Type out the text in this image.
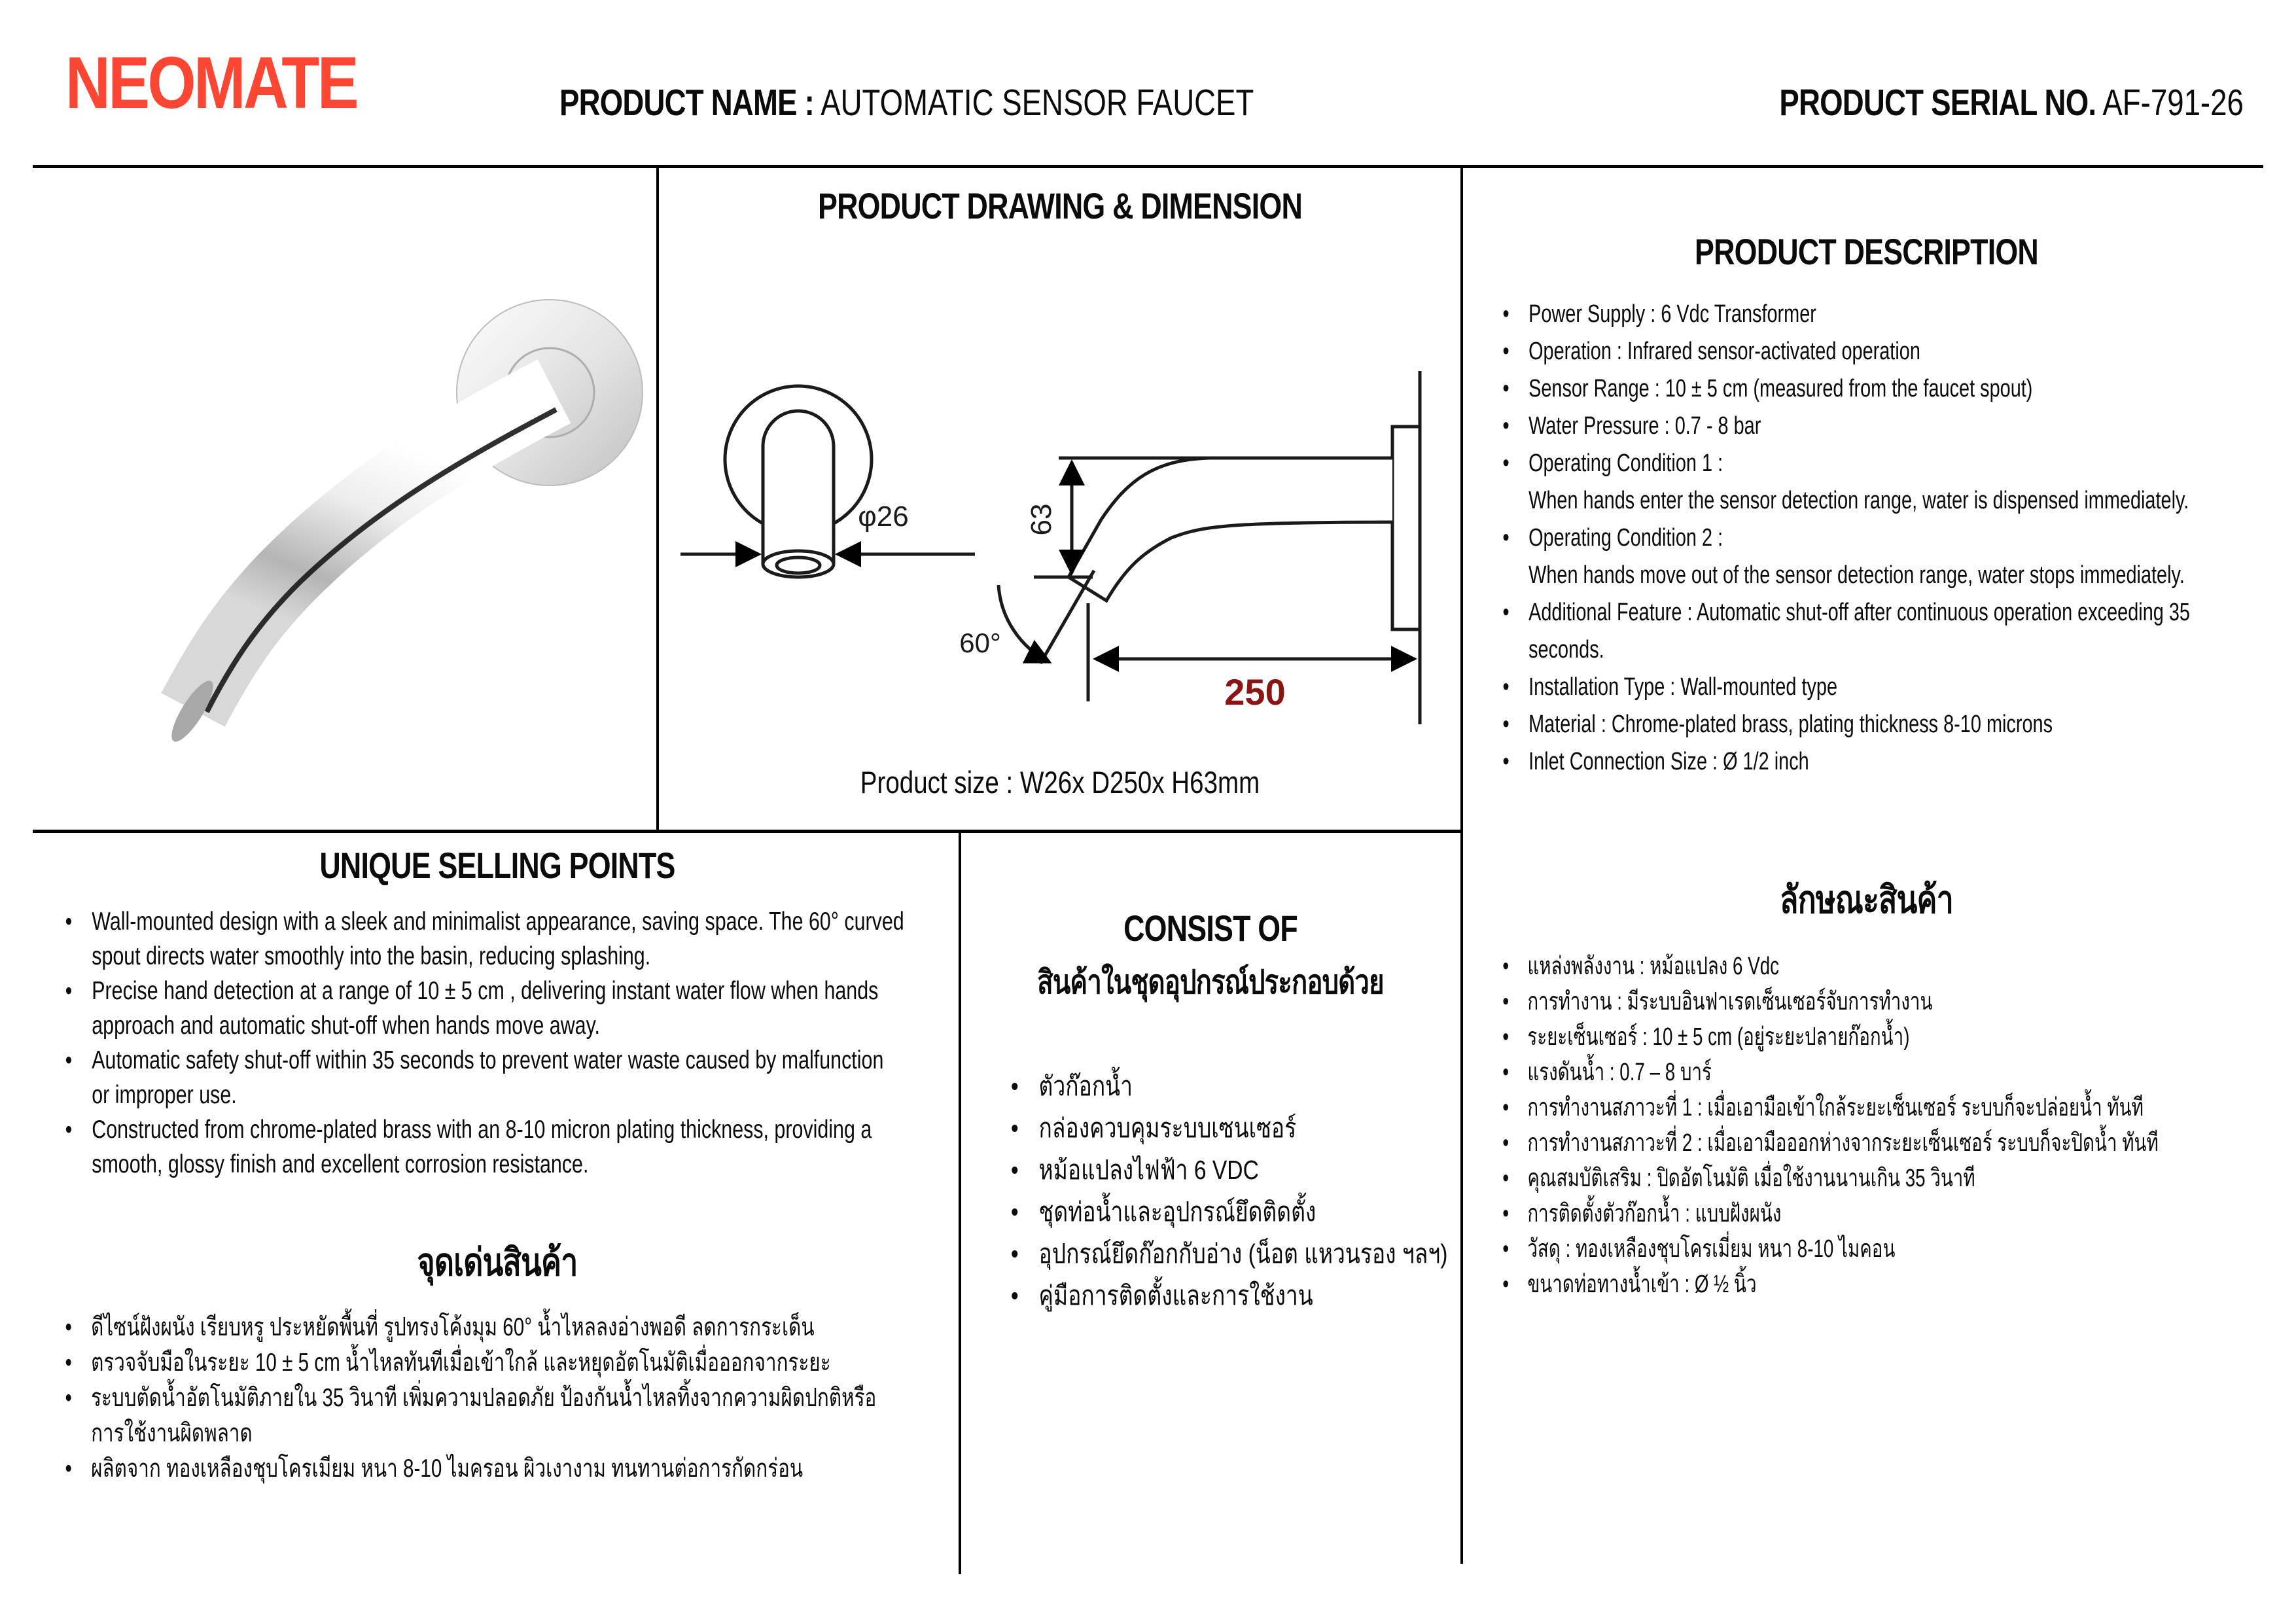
NEOMATE	PRODUCT NAME : AUTOMATIC SENSOR FAUCET	PRODUCT SERIAL NO. AF-791-26
PRODUCT DRAWING & DIMENSION
φ26	63
60°
250
Product size : W26x D250x H63mm
PRODUCT DESCRIPTION
• Power Supply : 6 Vdc Transformer
• Operation : Infrared sensor-activated operation
• Sensor Range : 10 ± 5 cm (measured from the faucet spout)
• Water Pressure : 0.7 - 8 bar
• Operating Condition 1 :
When hands enter the sensor detection range, water is dispensed immediately.
• Operating Condition 2 :
When hands move out of the sensor detection range, water stops immediately.
• Additional Feature : Automatic shut-off after continuous operation exceeding 35
seconds.
• Installation Type : Wall-mounted type
• Material : Chrome-plated brass, plating thickness 8-10 microns
• Inlet Connection Size : Ø 1/2 inch
ลักษณะสินค้า
• แหล่งพลังงาน : หม้อแปลง 6 Vdc
• การทำงาน : มีระบบอินฟาเรดเซ็นเซอร์จับการทำงาน
• ระยะเซ็นเซอร์ : 10 ± 5 cm (อยู่ระยะปลายก๊อกน้ำ)
• แรงดันน้ำ : 0.7 – 8 บาร์
• การทำงานสภาวะที่ 1 : เมื่อเอามือเข้าใกล้ระยะเซ็นเซอร์ ระบบก็จะปล่อยน้ำ ทันที
• การทำงานสภาวะที่ 2 : เมื่อเอามือออกห่างจากระยะเซ็นเซอร์ ระบบก็จะปิดน้ำ ทันที
• คุณสมบัติเสริม : ปิดอัตโนมัติ เมื่อใช้งานนานเกิน 35 วินาที
• การติดตั้งตัวก๊อกน้ำ : แบบฝังผนัง
• วัสดุ : ทองเหลืองชุบโครเมี่ยม หนา 8-10 ไมคอน
• ขนาดท่อทางน้ำเข้า : Ø ½ นิ้ว
UNIQUE SELLING POINTS
• Wall-mounted design with a sleek and minimalist appearance, saving space. The 60° curved
spout directs water smoothly into the basin, reducing splashing.
• Precise hand detection at a range of 10 ± 5 cm , delivering instant water flow when hands
approach and automatic shut-off when hands move away.
• Automatic safety shut-off within 35 seconds to prevent water waste caused by malfunction
or improper use.
• Constructed from chrome-plated brass with an 8-10 micron plating thickness, providing a
smooth, glossy finish and excellent corrosion resistance.
จุดเด่นสินค้า
• ดีไซน์ฝังผนัง เรียบหรู ประหยัดพื้นที่ รูปทรงโค้งมุม 60° น้ำไหลลงอ่างพอดี ลดการกระเด็น
• ตรวจจับมือในระยะ 10 ± 5 cm น้ำไหลทันทีเมื่อเข้าใกล้ และหยุดอัตโนมัติเมื่อออกจากระยะ
• ระบบตัดน้ำอัตโนมัติภายใน 35 วินาที เพิ่มความปลอดภัย ป้องกันน้ำไหลทิ้งจากความผิดปกติหรือ
การใช้งานผิดพลาด
• ผลิตจาก ทองเหลืองชุบโครเมียม หนา 8-10 ไมครอน ผิวเงางาม ทนทานต่อการกัดกร่อน
CONSIST OF
สินค้าในชุดอุปกรณ์ประกอบด้วย
• ตัวก๊อกน้ำ
• กล่องควบคุมระบบเซนเซอร์
• หม้อแปลงไฟฟ้า 6 VDC
• ชุดท่อน้ำและอุปกรณ์ยึดติดตั้ง
• อุปกรณ์ยึดก๊อกกับอ่าง (น็อต แหวนรอง ฯลฯ)
• คู่มือการติดตั้งและการใช้งาน
